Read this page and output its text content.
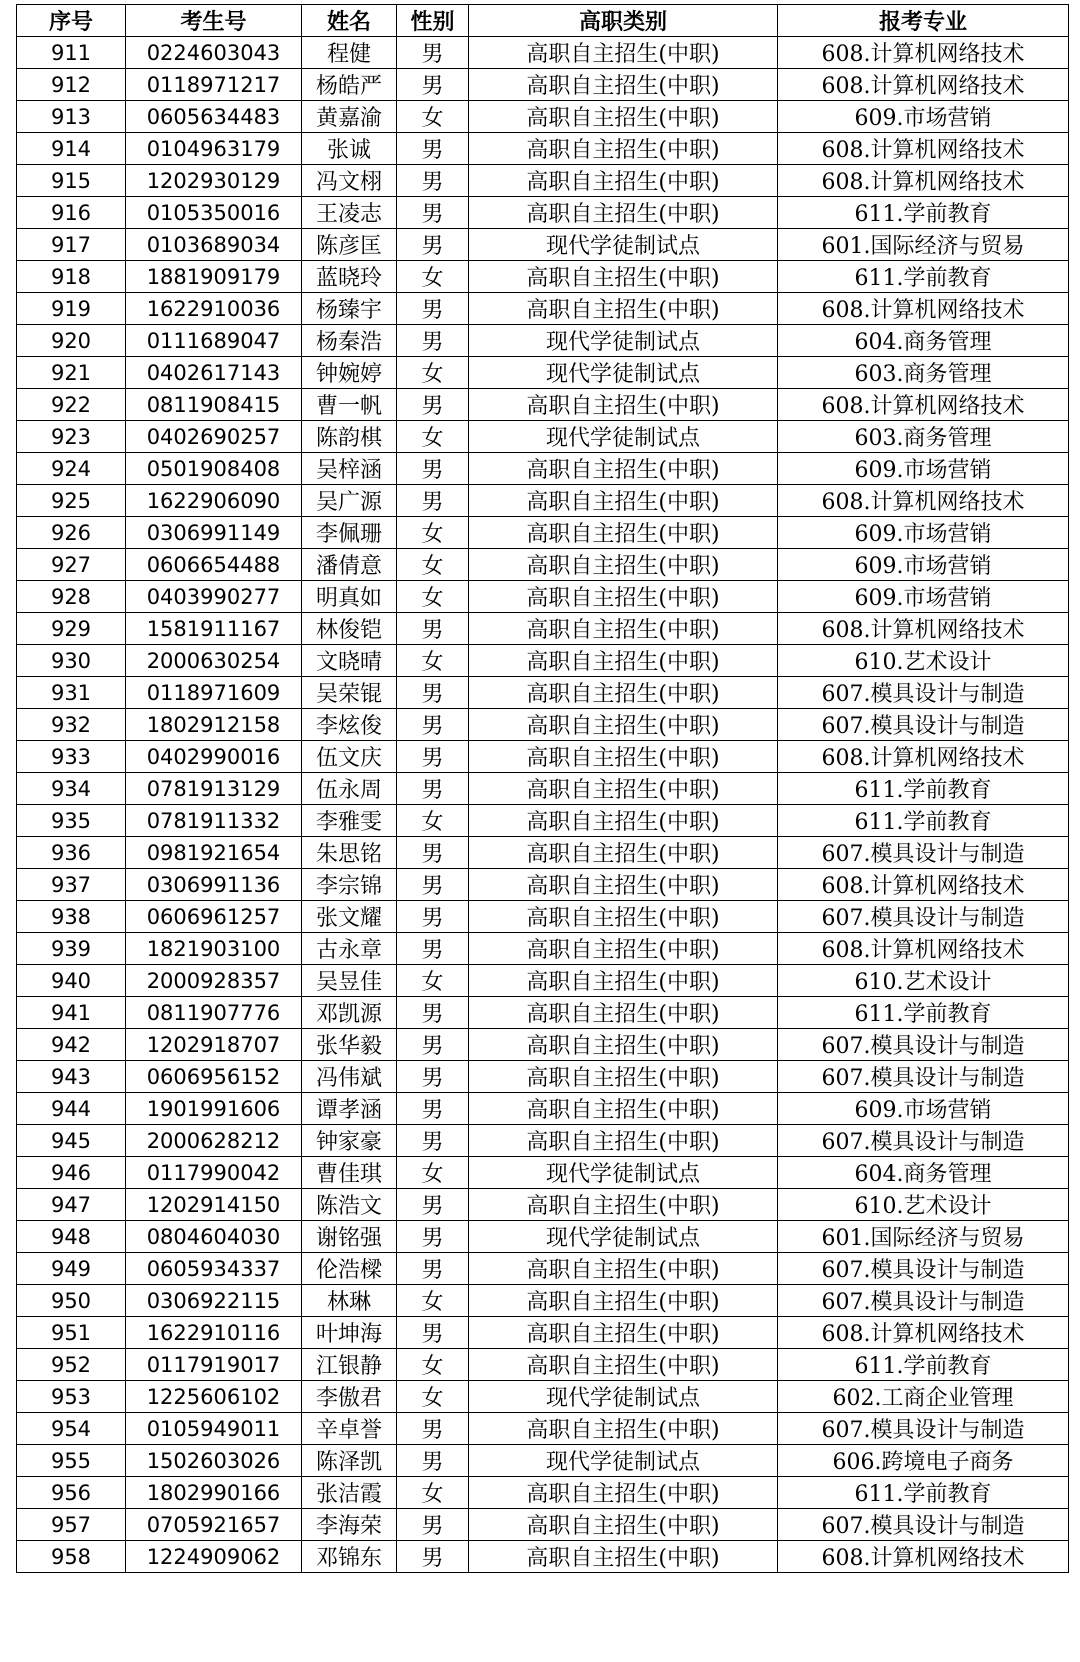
序号	考生号	姓名	性别	高职类别	报考专业
911	0224603043	程健	男	高职自主招生(中职)	608.计算机网络技术
912	0118971217	杨皓严	男	高职自主招生(中职)	608.计算机网络技术
913	0605634483	黄嘉渝	女	高职自主招生(中职)	609.市场营销
914	0104963179	张诚	男	高职自主招生(中职)	608.计算机网络技术
915	1202930129	冯文栩	男	高职自主招生(中职)	608.计算机网络技术
916	0105350016	王凌志	男	高职自主招生(中职)	611.学前教育
917	0103689034	陈彦匡	男	现代学徒制试点	601.国际经济与贸易
918	1881909179	蓝晓玲	女	高职自主招生(中职)	611.学前教育
919	1622910036	杨臻宇	男	高职自主招生(中职)	608.计算机网络技术
920	0111689047	杨秦浩	男	现代学徒制试点	604.商务管理
921	0402617143	钟婉婷	女	现代学徒制试点	603.商务管理
922	0811908415	曹一帆	男	高职自主招生(中职)	608.计算机网络技术
923	0402690257	陈韵棋	女	现代学徒制试点	603.商务管理
924	0501908408	吴梓涵	男	高职自主招生(中职)	609.市场营销
925	1622906090	吴广源	男	高职自主招生(中职)	608.计算机网络技术
926	0306991149	李佩珊	女	高职自主招生(中职)	609.市场营销
927	0606654488	潘倩意	女	高职自主招生(中职)	609.市场营销
928	0403990277	明真如	女	高职自主招生(中职)	609.市场营销
929	1581911167	林俊铠	男	高职自主招生(中职)	608.计算机网络技术
930	2000630254	文晓晴	女	高职自主招生(中职)	610.艺术设计
931	0118971609	吴荣锟	男	高职自主招生(中职)	607.模具设计与制造
932	1802912158	李炫俊	男	高职自主招生(中职)	607.模具设计与制造
933	0402990016	伍文庆	男	高职自主招生(中职)	608.计算机网络技术
934	0781913129	伍永周	男	高职自主招生(中职)	611.学前教育
935	0781911332	李雅雯	女	高职自主招生(中职)	611.学前教育
936	0981921654	朱思铭	男	高职自主招生(中职)	607.模具设计与制造
937	0306991136	李宗锦	男	高职自主招生(中职)	608.计算机网络技术
938	0606961257	张文耀	男	高职自主招生(中职)	607.模具设计与制造
939	1821903100	古永章	男	高职自主招生(中职)	608.计算机网络技术
940	2000928357	吴昱佳	女	高职自主招生(中职)	610.艺术设计
941	0811907776	邓凯源	男	高职自主招生(中职)	611.学前教育
942	1202918707	张华毅	男	高职自主招生(中职)	607.模具设计与制造
943	0606956152	冯伟斌	男	高职自主招生(中职)	607.模具设计与制造
944	1901991606	谭孝涵	男	高职自主招生(中职)	609.市场营销
945	2000628212	钟家豪	男	高职自主招生(中职)	607.模具设计与制造
946	0117990042	曹佳琪	女	现代学徒制试点	604.商务管理
947	1202914150	陈浩文	男	高职自主招生(中职)	610.艺术设计
948	0804604030	谢铭强	男	现代学徒制试点	601.国际经济与贸易
949	0605934337	伦浩樑	男	高职自主招生(中职)	607.模具设计与制造
950	0306922115	林琳	女	高职自主招生(中职)	607.模具设计与制造
951	1622910116	叶坤海	男	高职自主招生(中职)	608.计算机网络技术
952	0117919017	江银静	女	高职自主招生(中职)	611.学前教育
953	1225606102	李傲君	女	现代学徒制试点	602.工商企业管理
954	0105949011	辛卓誉	男	高职自主招生(中职)	607.模具设计与制造
955	1502603026	陈泽凯	男	现代学徒制试点	606.跨境电子商务
956	1802990166	张洁霞	女	高职自主招生(中职)	611.学前教育
957	0705921657	李海荣	男	高职自主招生(中职)	607.模具设计与制造
958	1224909062	邓锦东	男	高职自主招生(中职)	608.计算机网络技术
